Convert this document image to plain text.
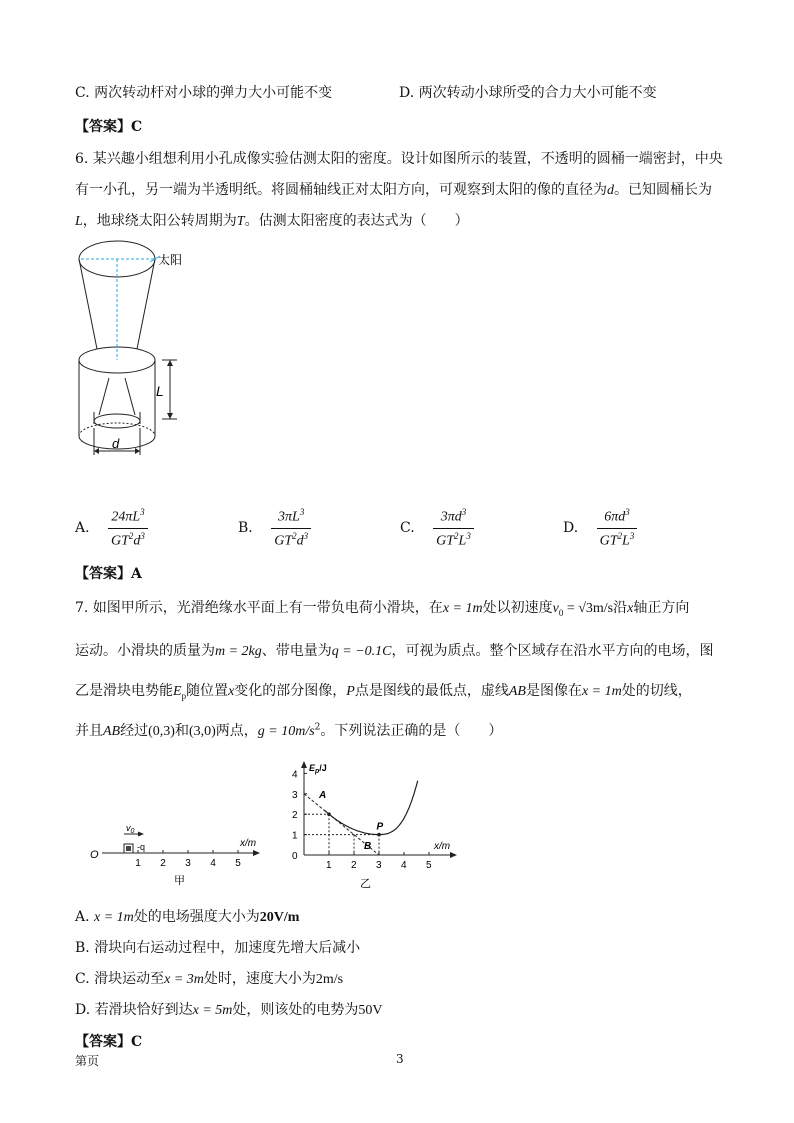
C. 两次转动杆对小球的弹力大小可能不变	D. 两次转动小球所受的合力大小可能不变
【答案】C
6. 某兴趣小组想利用小孔成像实验估测太阳的密度。设计如图所示的装置，不透明的圆桶一端密封，中央
有一小孔，另一端为半透明纸。将圆桶轴线正对太阳方向，可观察到太阳的像的直径为d。已知圆桶长为
L，地球绕太阳公转周期为T。估测太阳密度的表达式为（　　）
太阳
L
d
A. $\frac{24\pi L^3}{GT^2d^3}$	B. $\frac{3\pi L^3}{GT^2d^3}$	C. $\frac{3\pi d^3}{GT^2L^3}$	D. $\frac{6\pi d^3}{GT^2L^3}$
【答案】A
7. 如图甲所示，光滑绝缘水平面上有一带负电荷小滑块，在x = 1m处以初速度$v_0 = √3m/s$沿x轴正方向
运动。小滑块的质量为m = 2kg、带电量为q = −0.1C，可视为质点。整个区域存在沿水平方向的电场，图
乙是滑块电势能$E_p$随位置x变化的部分图像，P点是图线的最低点，虚线AB是图像在x = 1m处的切线，
并且AB经过(0,3)和(3,0)两点，$g = 10m/s^2$。下列说法正确的是（　　）
O
$v_0$
-q	x/m
1 2 3 4 5
甲
$E_p/J$
x/m
0
1
2
3
4
1 2 3 4 5
A
B
P
乙
A. x = 1m处的电场强度大小为20V/m
B. 滑块向右运动过程中，加速度先增大后减小
C. 滑块运动至x = 3m处时，速度大小为2m/s
D. 若滑块恰好到达x = 5m处，则该处的电势为50V
【答案】C
第页	3
